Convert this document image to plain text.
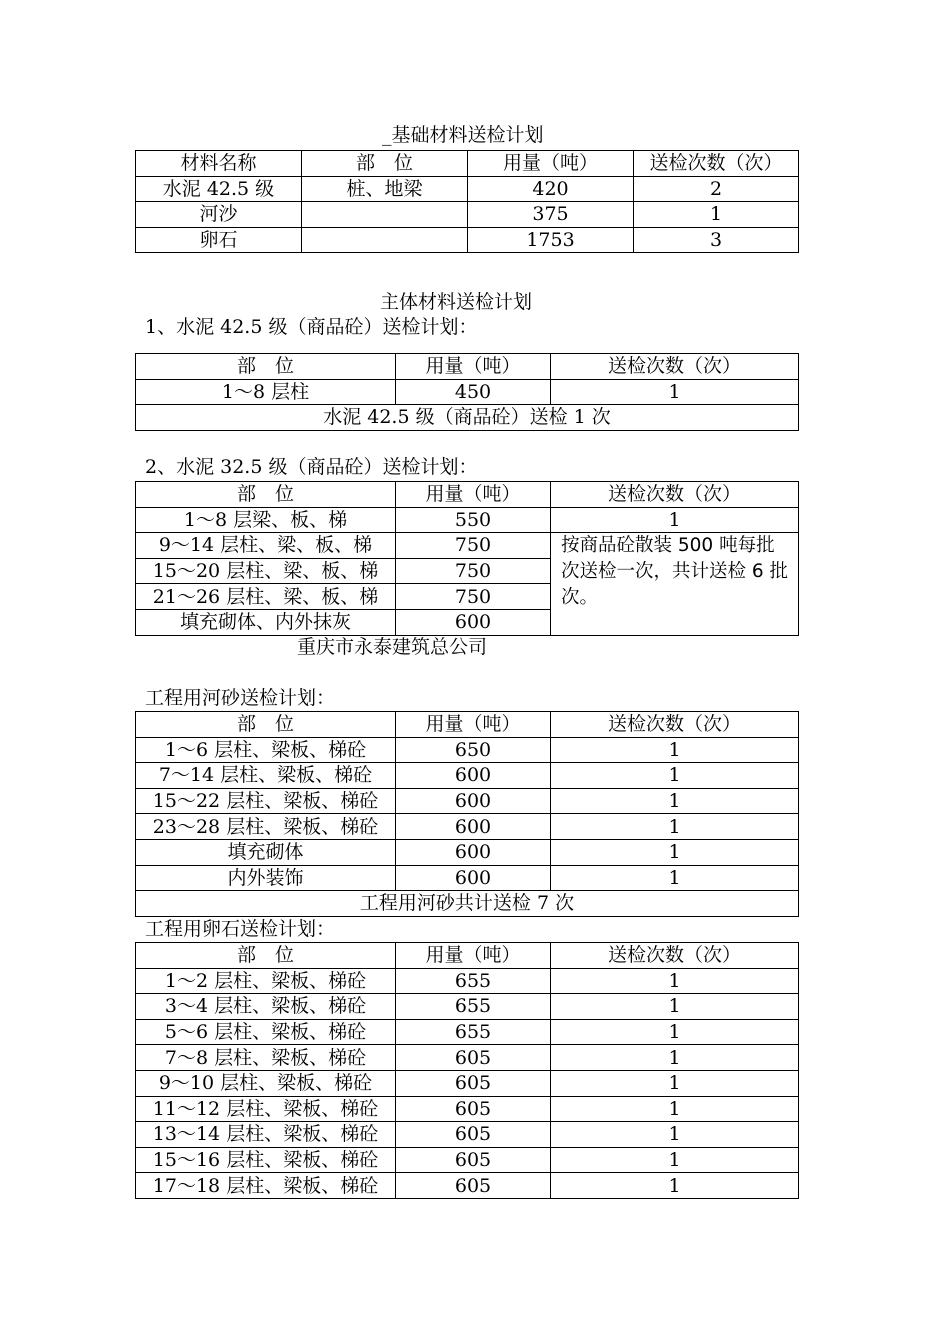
_基础材料送检计划
材料名称	部　位	用量（吨）	送检次数（次）
水泥 42.5 级	桩、地梁	420	2
河沙		375	1
卵石		1753	3
主体材料送检计划
1、水泥 42.5 级（商品砼）送检计划：
部　位	用量（吨）	送检次数（次）
1～8 层柱	450	1
水泥 42.5 级（商品砼）送检 1 次		
2、水泥 32.5 级（商品砼）送检计划：
部　位	用量（吨）	送检次数（次）
1～8 层梁、板、梯	550	1
9～14 层柱、梁、板、梯	750	按商品砼散装 500 吨每批次送检一次，共计送检 6 批次。
15～20 层柱、梁、板、梯	750	
21～26 层柱、梁、板、梯	750	
填充砌体、内外抹灰	600	
重庆市永泰建筑总公司
工程用河砂送检计划：
部　位	用量（吨）	送检次数（次）
1～6 层柱、梁板、梯砼	650	1
7～14 层柱、梁板、梯砼	600	1
15～22 层柱、梁板、梯砼	600	1
23～28 层柱、梁板、梯砼	600	1
填充砌体	600	1
内外装饰	600	1
工程用河砂共计送检 7 次		
工程用卵石送检计划：
部　位	用量（吨）	送检次数（次）
1～2 层柱、梁板、梯砼	655	1
3～4 层柱、梁板、梯砼	655	1
5～6 层柱、梁板、梯砼	655	1
7～8 层柱、梁板、梯砼	605	1
9～10 层柱、梁板、梯砼	605	1
11～12 层柱、梁板、梯砼	605	1
13～14 层柱、梁板、梯砼	605	1
15～16 层柱、梁板、梯砼	605	1
17～18 层柱、梁板、梯砼	605	1
